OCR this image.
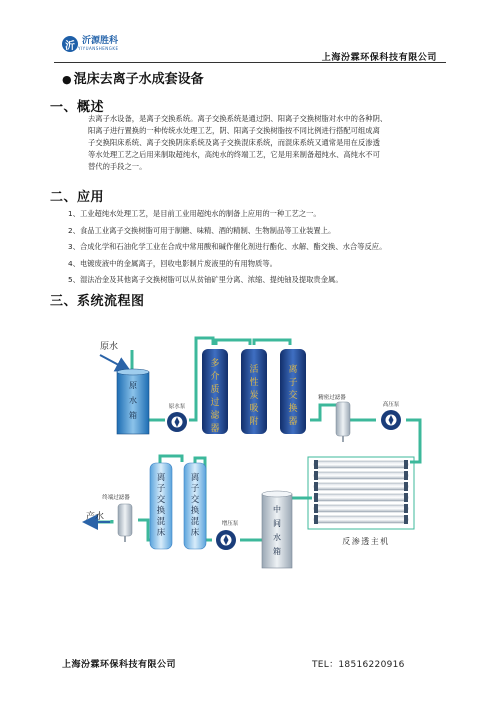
沂 沂源胜科
YIYUANSHENGKE
上海汾霖环保科技有限公司
● 混床去离子水成套设备
一、概述
去离子水设备，是离子交换系统。离子交换系统是通过阴、阳离子交换树脂对水中的各种阴、
阳离子进行置换的一种传统水处理工艺，阴、阳离子交换树脂按不同比例进行搭配可组成离
子交换阳床系统、离子交换阴床系统及离子交换混床系统，而混床系统又通常是用在反渗透
等水处理工艺之后用来制取超纯水，高纯水的终端工艺，它是用来制备超纯水、高纯水不可
替代的手段之一。
二、应用
1、工业超纯水处理工艺，是目前工业用超纯水的制备上应用的一种工艺之一。
2、食品工业离子交换树脂可用于制糖、味精、酒的精制、生物制品等工业装置上。
3、合成化学和石油化学工业在合成中常用酸和碱作催化剂进行酯化、水解、酯交换、水合等反应。
4、电镀废液中的金属离子，回收电影制片废液里的有用物质等。
5、湿法冶金及其他离子交换树脂可以从贫铀矿里分离、浓缩、提纯铀及提取贵金属。
三、系统流程图
原水
原
水
箱
原水泵
多
介
质
过
滤
器
活
性
炭
吸
附
离
子
交
换
器
精密过滤器
高压泵
反渗透主机
中
间
水
箱
增压泵
离
子
交
换
混
床
离
子
交
换
混
床
终端过滤器
产水
上海汾霖环保科技有限公司	TEL：18516220916
